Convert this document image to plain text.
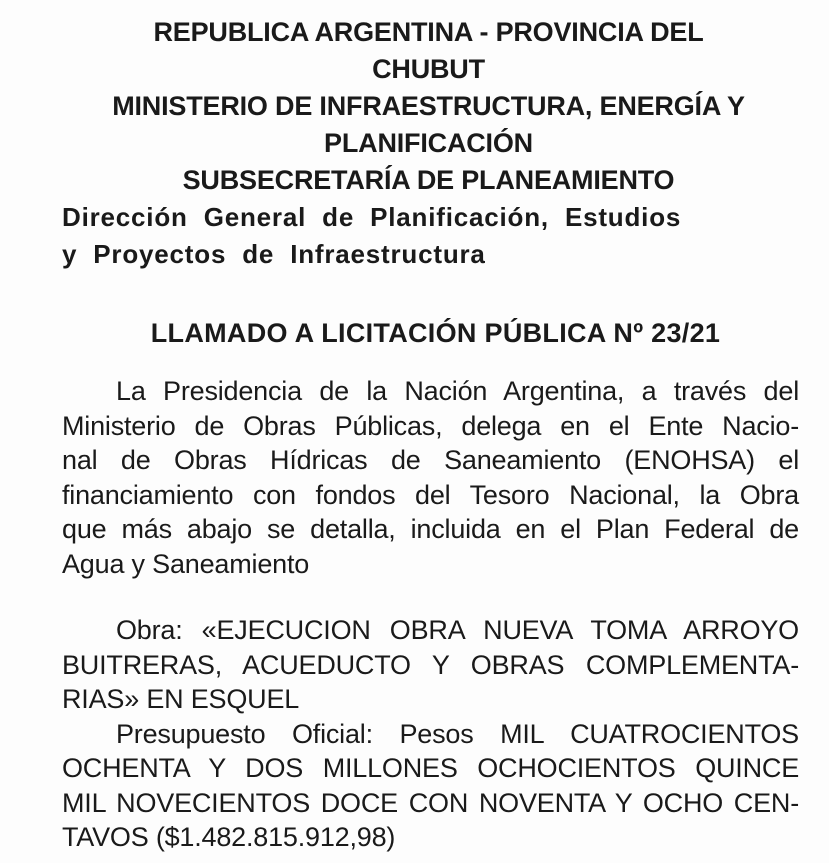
REPUBLICA ARGENTINA - PROVINCIA DEL

CHUBUT

MINISTERIO DE INFRAESTRUCTURA, ENERGÍA Y

PLANIFICACIÓN

SUBSECRETARÍA DE PLANEAMIENTO

Dirección General de Planificación, Estudios
y Proyectos de Infraestructura

LLAMADO A LICITACIÓN PÚBLICA Nº 23/21

La Presidencia de la Nación Argentina, a través del
Ministerio de Obras Públicas, delega en el Ente Nacio-
nal de Obras Hídricas de Saneamiento (ENOHSA) el
financiamiento con fondos del Tesoro Nacional, la Obra
que más abajo se detalla, incluida en el Plan Federal de
Agua y Saneamiento
Obra: «EJECUCION OBRA NUEVA TOMA ARROYO
BUITRERAS, ACUEDUCTO Y OBRAS COMPLEMENTA-
RIAS» EN ESQUEL
Presupuesto Oficial: Pesos MIL CUATROCIENTOS
OCHENTA Y DOS MILLONES OCHOCIENTOS QUINCE
MIL NOVECIENTOS DOCE CON NOVENTA Y OCHO CEN-
TAVOS ($1.482.815.912,98)
